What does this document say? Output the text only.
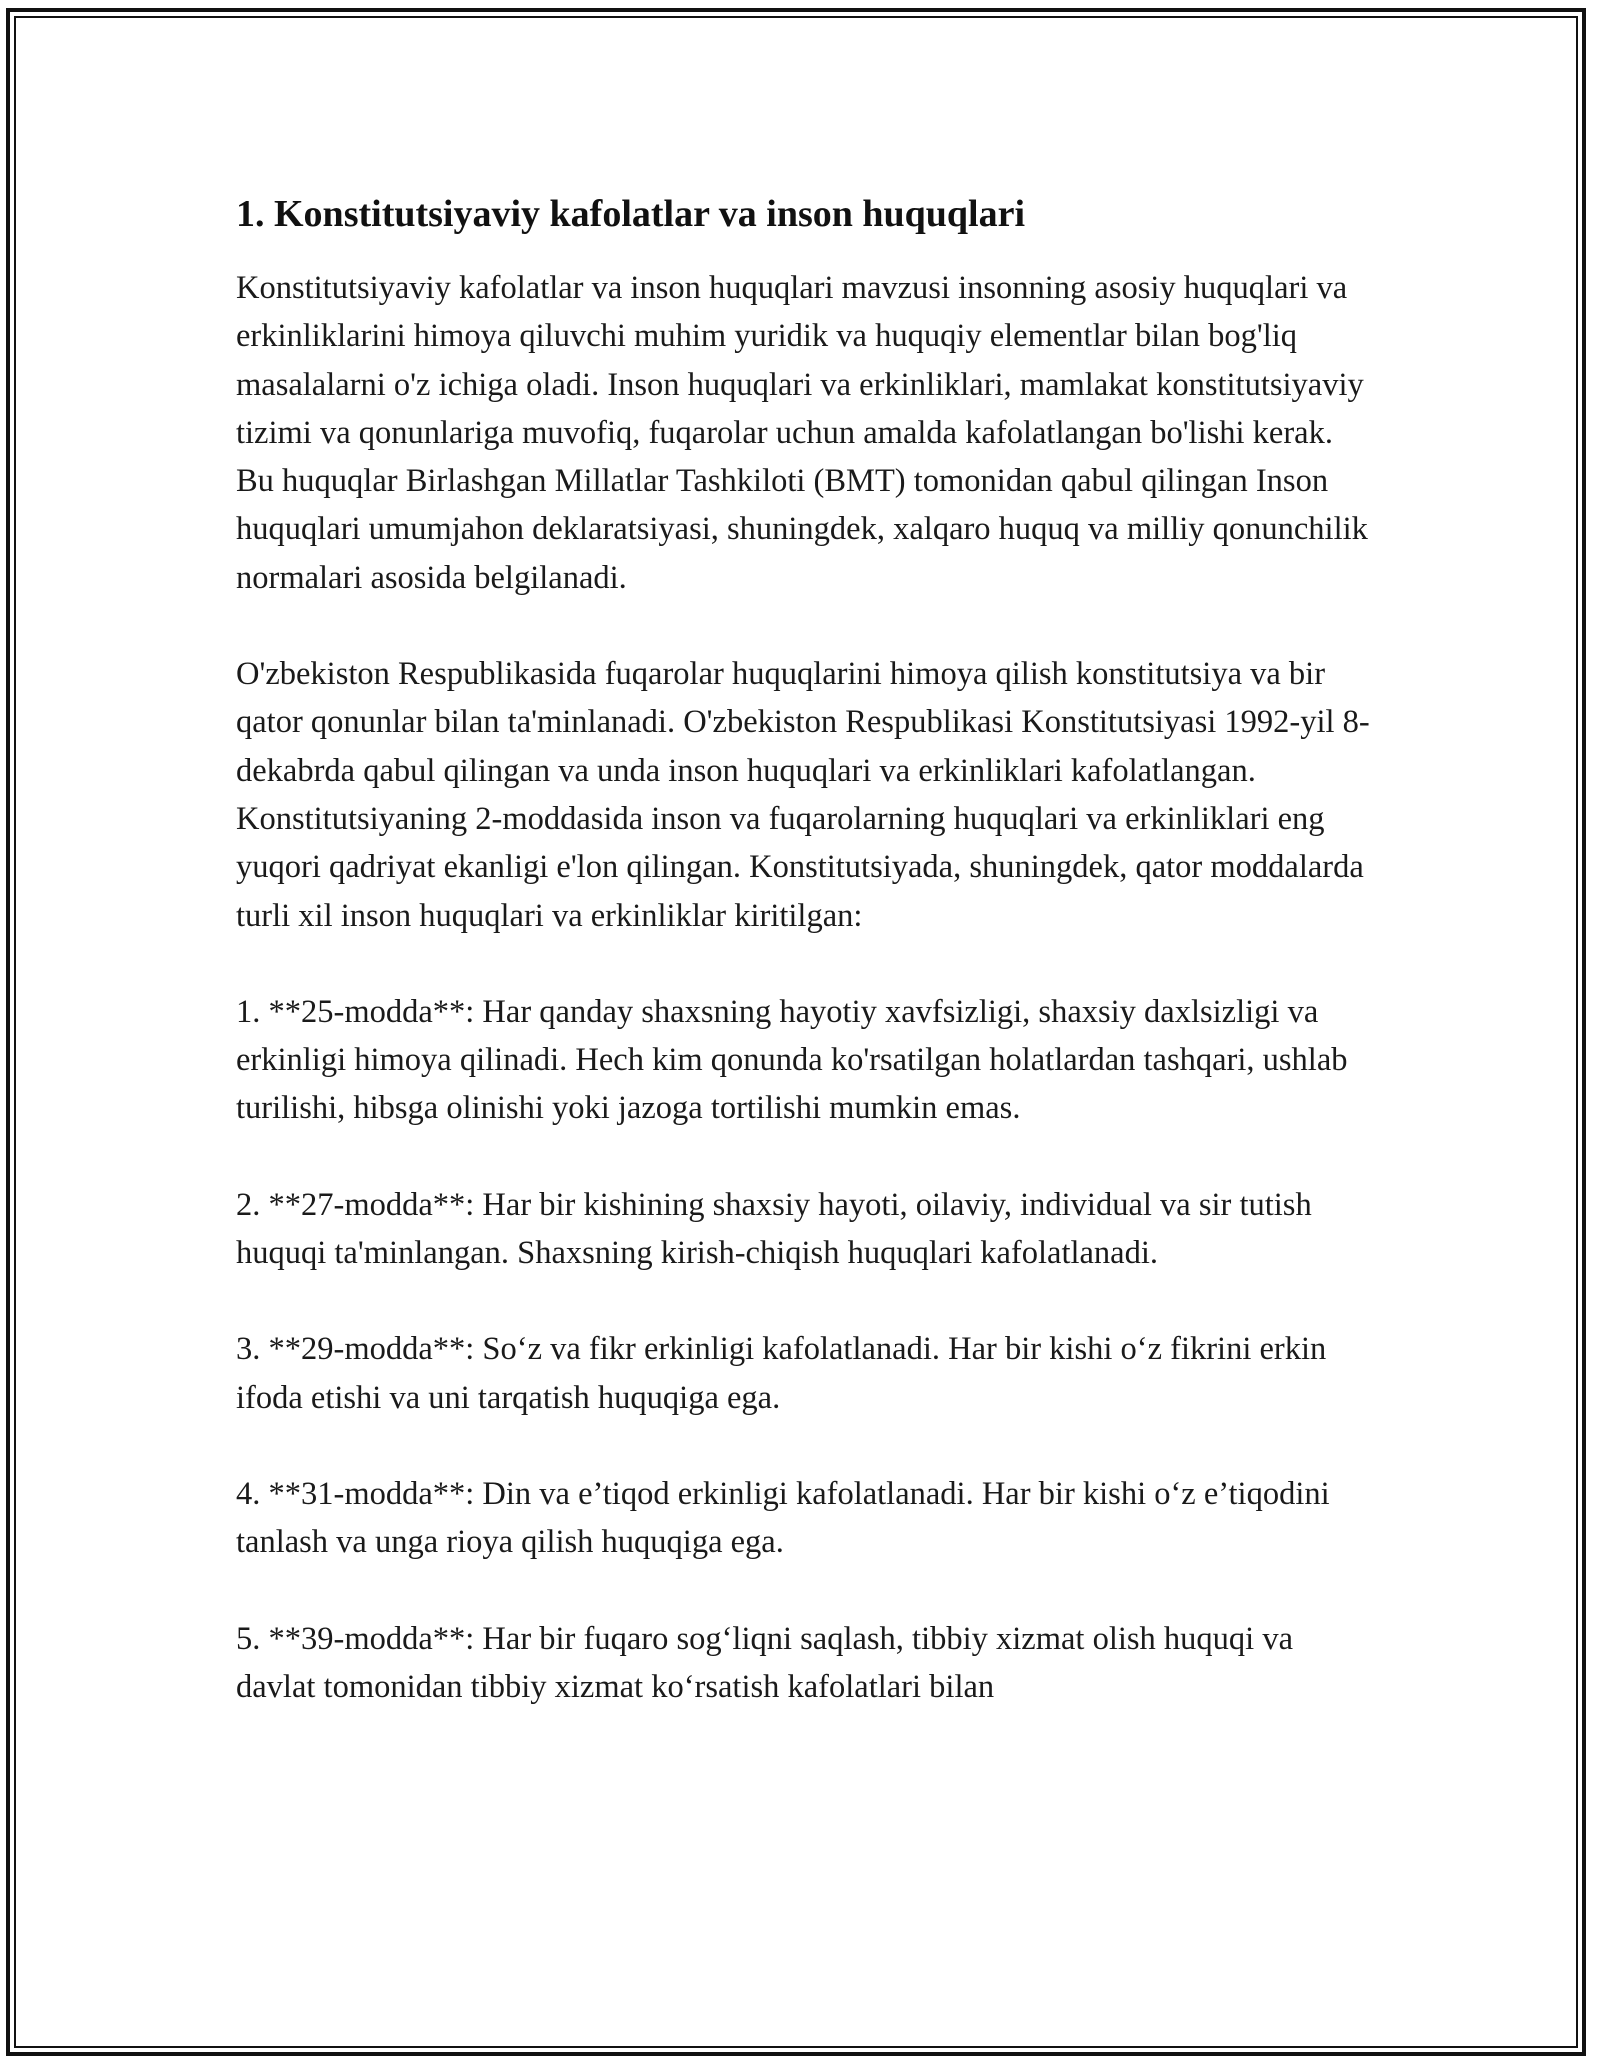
1. Konstitutsiyaviy kafolatlar va inson huquqlari

Konstitutsiyaviy kafolatlar va inson huquqlari mavzusi insonning asosiy huquqlari va erkinliklarini himoya qiluvchi muhim yuridik va huquqiy elementlar bilan bog'liq masalalarni o'z ichiga oladi. Inson huquqlari va erkinliklari, mamlakat konstitutsiyaviy tizimi va qonunlariga muvofiq, fuqarolar uchun amalda kafolatlangan bo'lishi kerak. Bu huquqlar Birlashgan Millatlar Tashkiloti (BMT) tomonidan qabul qilingan Inson huquqlari umumjahon deklaratsiyasi, shuningdek, xalqaro huquq va milliy qonunchilik normalari asosida belgilanadi.

O'zbekiston Respublikasida fuqarolar huquqlarini himoya qilish konstitutsiya va bir qator qonunlar bilan ta'minlanadi. O'zbekiston Respublikasi Konstitutsiyasi 1992-yil 8-dekabrda qabul qilingan va unda inson huquqlari va erkinliklari kafolatlangan. Konstitutsiyaning 2-moddasida inson va fuqarolarning huquqlari va erkinliklari eng yuqori qadriyat ekanligi e'lon qilingan. Konstitutsiyada, shuningdek, qator moddalarda turli xil inson huquqlari va erkinliklar kiritilgan:

1. **25-modda**: Har qanday shaxsning hayotiy xavfsizligi, shaxsiy daxlsizligi va erkinligi himoya qilinadi. Hech kim qonunda ko'rsatilgan holatlardan tashqari, ushlab turilishi, hibsga olinishi yoki jazoga tortilishi mumkin emas.

2. **27-modda**: Har bir kishining shaxsiy hayoti, oilaviy, individual va sir tutish huquqi ta'minlangan. Shaxsning kirish-chiqish huquqlari kafolatlanadi.

3. **29-modda**: So‘z va fikr erkinligi kafolatlanadi. Har bir kishi o‘z fikrini erkin ifoda etishi va uni tarqatish huquqiga ega.

4. **31-modda**: Din va e’tiqod erkinligi kafolatlanadi. Har bir kishi o‘z e’tiqodini tanlash va unga rioya qilish huquqiga ega.

5. **39-modda**: Har bir fuqaro sog‘liqni saqlash, tibbiy xizmat olish huquqi va davlat tomonidan tibbiy xizmat ko‘rsatish kafolatlari bilan
